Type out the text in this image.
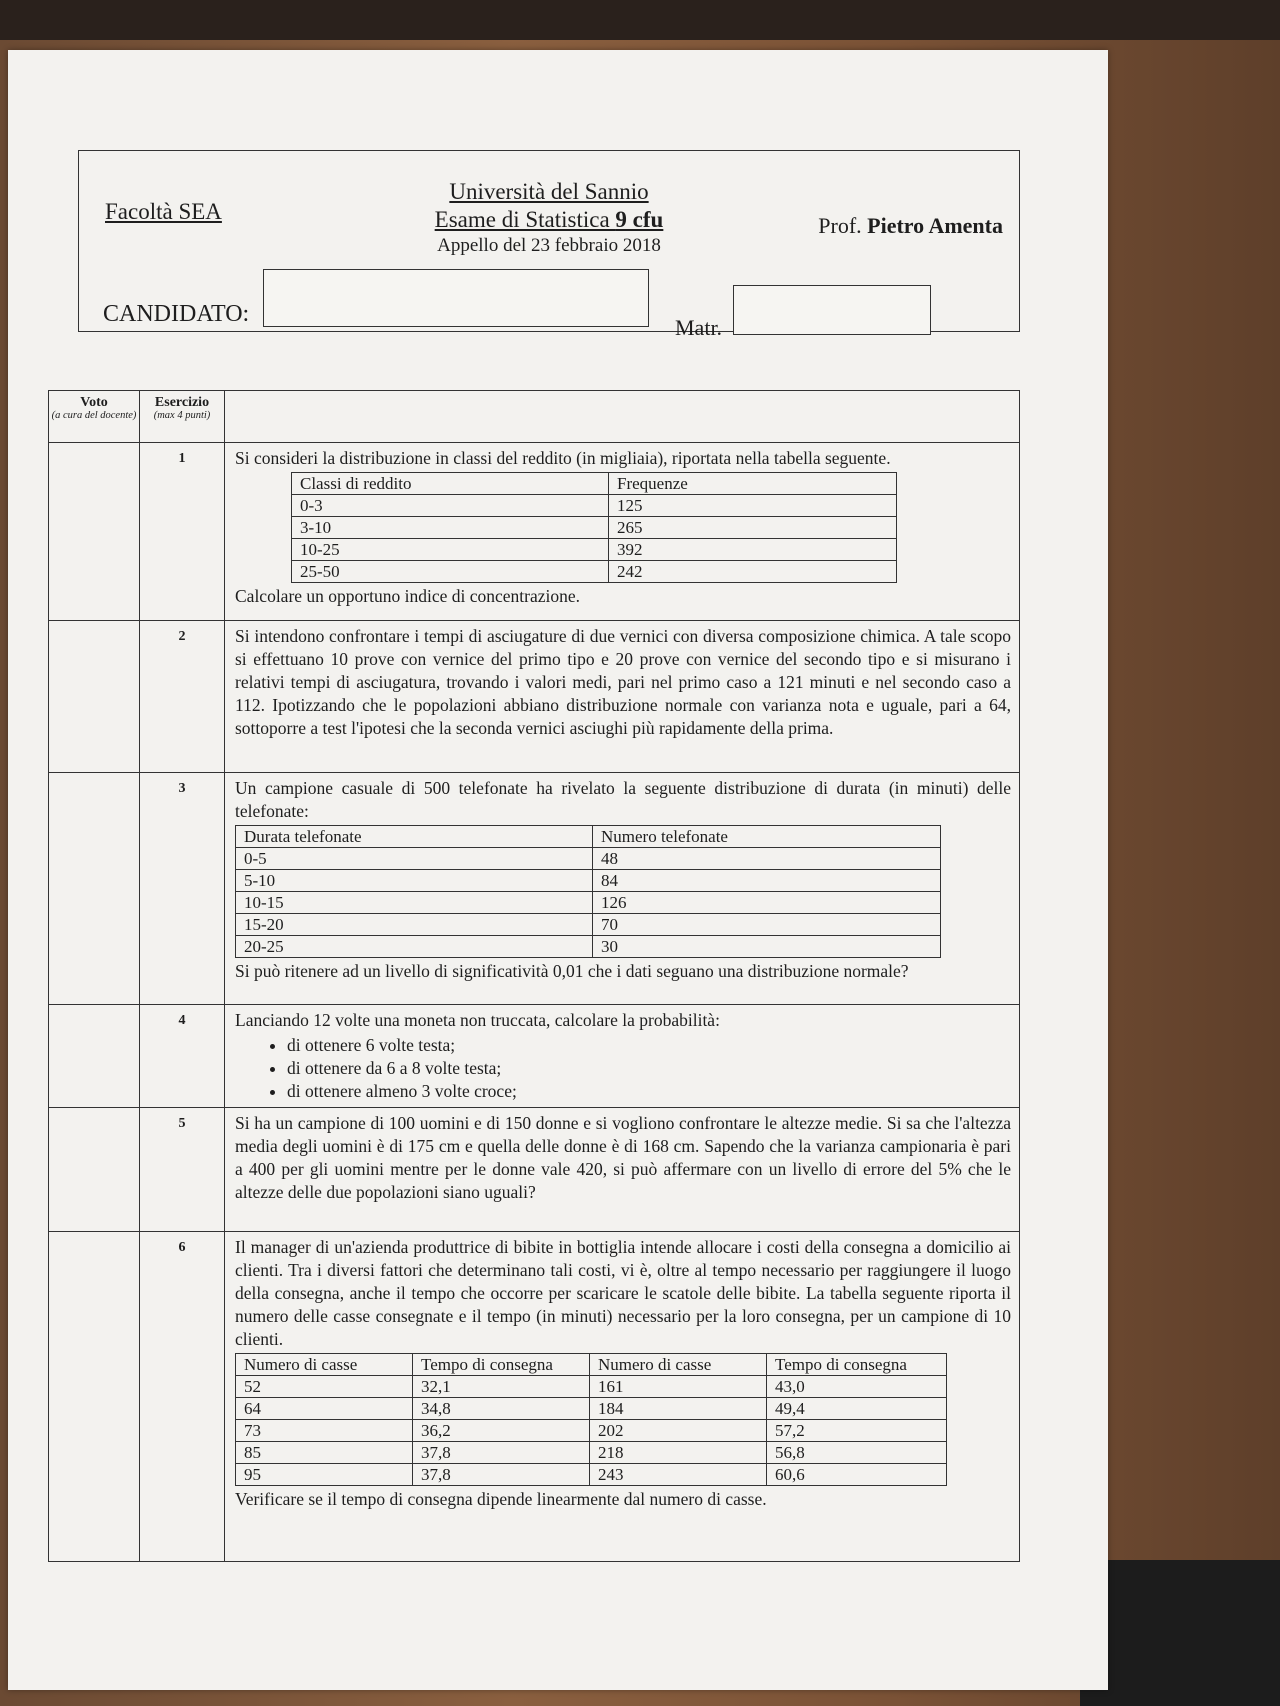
Facoltà SEA
Università del Sannio
Esame di Statistica 9 cfu
Appello del 23 febbraio 2018
Prof. Pietro Amenta
CANDIDATO:
Matr.
Voto
(a cura del docente)

Esercizio
(max 4 punti)

	1	Si consideri la distribuzione in classi del reddito (in migliaia), riportata nella tabella seguente.
Classi di reddito	Frequenze
0-3	125
3-10	265
10-25	392
25-50	242
Calcolare un opportuno indice di concentrazione.

	2	Si intendono confrontare i tempi di asciugature di due vernici con diversa composizione chimica. A tale scopo si effettuano 10 prove con vernice del primo tipo e 20 prove con vernice del secondo tipo e si misurano i relativi tempi di asciugatura, trovando i valori medi, pari nel primo caso a 121 minuti e nel secondo caso a 112. Ipotizzando che le popolazioni abbiano distribuzione normale con varianza nota e uguale, pari a 64, sottoporre a test l'ipotesi che la seconda vernici asciughi più rapidamente della prima.
	3	Un campione casuale di 500 telefonate ha rivelato la seguente distribuzione di durata (in minuti) delle telefonate:
Durata telefonate	Numero telefonate
0-5	48
5-10	84
10-15	126
15-20	70
20-25	30
Si può ritenere ad un livello di significatività 0,01 che i dati seguano una distribuzione normale?

	4	Lanciando 12 volte una moneta non truccata, calcolare la probabilità:
• di ottenere 6 volte testa;
• di ottenere da 6 a 8 volte testa;
• di ottenere almeno 3 volte croce;

	5	Si ha un campione di 100 uomini e di 150 donne e si vogliono confrontare le altezze medie. Si sa che l'altezza media degli uomini è di 175 cm e quella delle donne è di 168 cm. Sapendo che la varianza campionaria è pari a 400 per gli uomini mentre per le donne vale 420, si può affermare con un livello di errore del 5% che le altezze delle due popolazioni siano uguali?
	6	Il manager di un'azienda produttrice di bibite in bottiglia intende allocare i costi della consegna a domicilio ai clienti. Tra i diversi fattori che determinano tali costi, vi è, oltre al tempo necessario per raggiungere il luogo della consegna, anche il tempo che occorre per scaricare le scatole delle bibite. La tabella seguente riporta il numero delle casse consegnate e il tempo (in minuti) necessario per la loro consegna, per un campione di 10 clienti.
Numero di casse	Tempo di consegna	Numero di casse	Tempo di consegna
52	32,1	161	43,0
64	34,8	184	49,4
73	36,2	202	57,2
85	37,8	218	56,8
95	37,8	243	60,6
Verificare se il tempo di consegna dipende linearmente dal numero di casse.
